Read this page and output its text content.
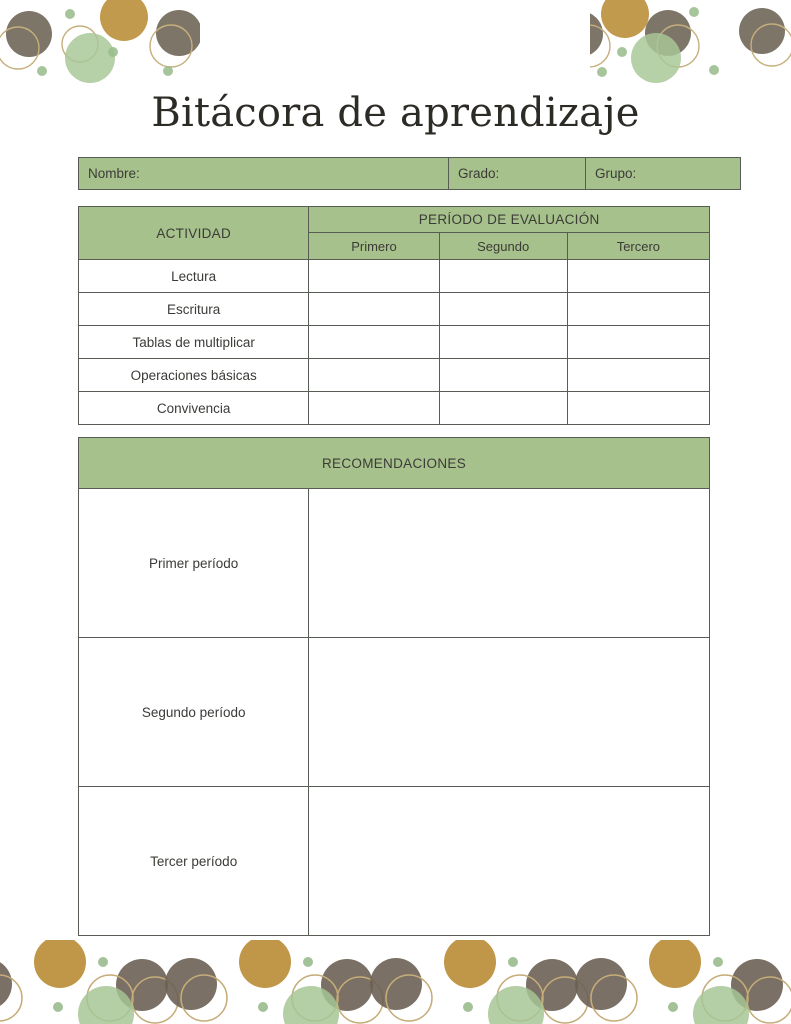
Bitácora de aprendizaje
Nombre:	Grado:	Grupo:
ACTIVIDAD	PERÍODO DE EVALUACIÓN		
	Primero	Segundo	Tercero
Lectura			
Escritura			
Tablas de multiplicar			
Operaciones básicas			
Convivencia			
RECOMENDACIONES	
Primer período	
Segundo período	
Tercer período	
